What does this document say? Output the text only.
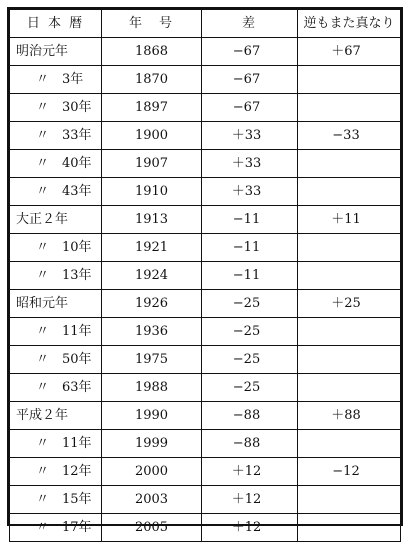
日 本 暦	年　号	差	逆もまた真なり
明治元年	1868	−67	＋67
〃　3年	1870	−67	
〃　30年	1897	−67	
〃　33年	1900	＋33	−33
〃　40年	1907	＋33	
〃　43年	1910	＋33	
大正２年	1913	−11	＋11
〃　10年	1921	−11	
〃　13年	1924	−11	
昭和元年	1926	−25	＋25
〃　11年	1936	−25	
〃　50年	1975	−25	
〃　63年	1988	−25	
平成２年	1990	−88	＋88
〃　11年	1999	−88	
〃　12年	2000	＋12	−12
〃　15年	2003	＋12	
〃　17年	2005	＋12	
